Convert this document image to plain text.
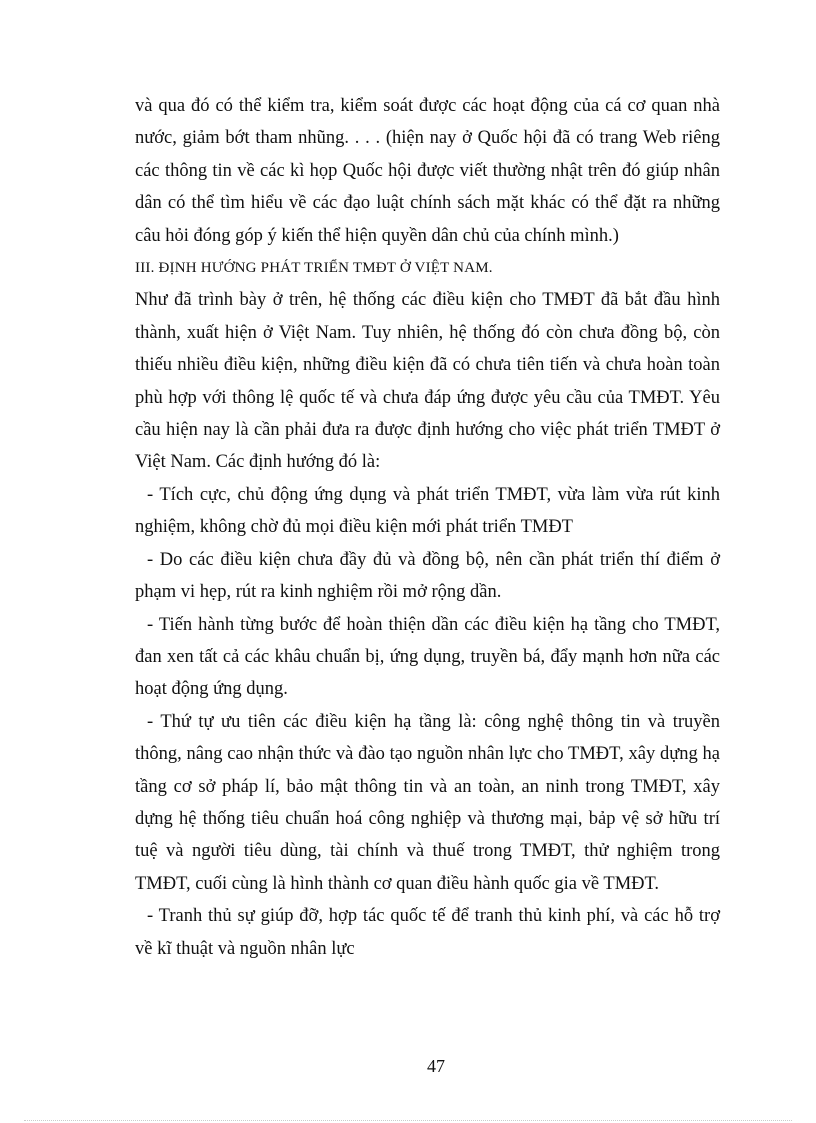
và qua đó có thể kiểm tra, kiểm soát được các hoạt động của cá cơ quan nhà nước, giảm bớt tham nhũng. . . . (hiện nay ở Quốc hội đã có trang Web riêng các thông tin về các kì họp Quốc hội được viết thường nhật trên đó giúp nhân dân có thể tìm hiểu về các đạo luật chính sách mặt khác có thể đặt ra những câu hỏi đóng góp ý kiến thể hiện quyền dân chủ của chính mình.)

III. ĐỊNH HƯỚNG PHÁT TRIỂN TMĐT Ở VIỆT NAM.

Như đã trình bày ở trên, hệ thống các điều kiện cho TMĐT đã bắt đầu hình thành, xuất hiện ở Việt Nam. Tuy nhiên, hệ thống đó còn chưa đồng bộ, còn thiếu nhiều điều kiện, những điều kiện đã có chưa tiên tiến và chưa hoàn toàn phù hợp với thông lệ quốc tế và chưa đáp ứng được yêu cầu của TMĐT. Yêu cầu hiện nay là cần phải đưa ra được định hướng cho việc phát triển TMĐT ở Việt Nam. Các định hướng đó là:

- Tích cực, chủ động ứng dụng và phát triển TMĐT, vừa làm vừa rút kinh nghiệm, không chờ đủ mọi điều kiện mới phát triển TMĐT

- Do các điều kiện chưa đầy đủ và đồng bộ, nên cần phát triển thí điểm ở phạm vi hẹp, rút ra kinh nghiệm rồi mở rộng dần.

- Tiến hành từng bước để hoàn thiện dần các điều kiện hạ tầng cho TMĐT, đan xen tất cả các khâu chuẩn bị, ứng dụng, truyền bá, đẩy mạnh hơn nữa các hoạt động ứng dụng.

- Thứ tự ưu tiên các điều kiện hạ tầng là: công nghệ thông tin và truyền thông, nâng cao nhận thức và đào tạo nguồn nhân lực cho TMĐT, xây dựng hạ tầng cơ sở pháp lí, bảo mật thông tin và an toàn, an ninh trong TMĐT, xây dựng hệ thống tiêu chuẩn hoá công nghiệp và thương mại, bảp vệ sở hữu trí tuệ và người tiêu dùng, tài chính và thuế trong TMĐT, thử nghiệm trong TMĐT, cuối cùng là hình thành cơ quan điều hành quốc gia về TMĐT.

- Tranh thủ sự giúp đỡ, hợp tác quốc tế để tranh thủ kinh phí, và các hỗ trợ về kĩ thuật và nguồn nhân lực

47
